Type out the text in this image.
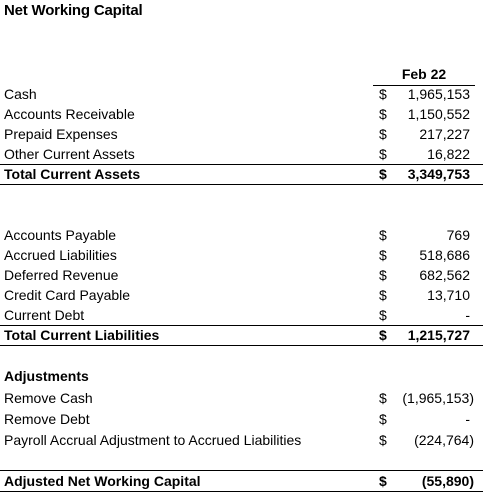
Net Working Capital
Feb 22
Cash	$ 1,965,153
Accounts Receivable	$ 1,150,552
Prepaid Expenses	$ 217,227
Other Current Assets	$	16,822
Total Current Assets	$ 3,349,753
Accounts Payable	$	769
Accrued Liabilities	$ 518,686
Deferred Revenue	$ 682,562
Credit Card Payable	$	13,710
Current Debt	$	-
Total Current Liabilities	$ 1,215,727
Adjustments
Remove Cash	$ (1,965,153)
Remove Debt	$	-
Payroll Accrual Adjustment to Accrued Liabilities	$ (224,764)
Adjusted Net Working Capital	$	(55,890)
